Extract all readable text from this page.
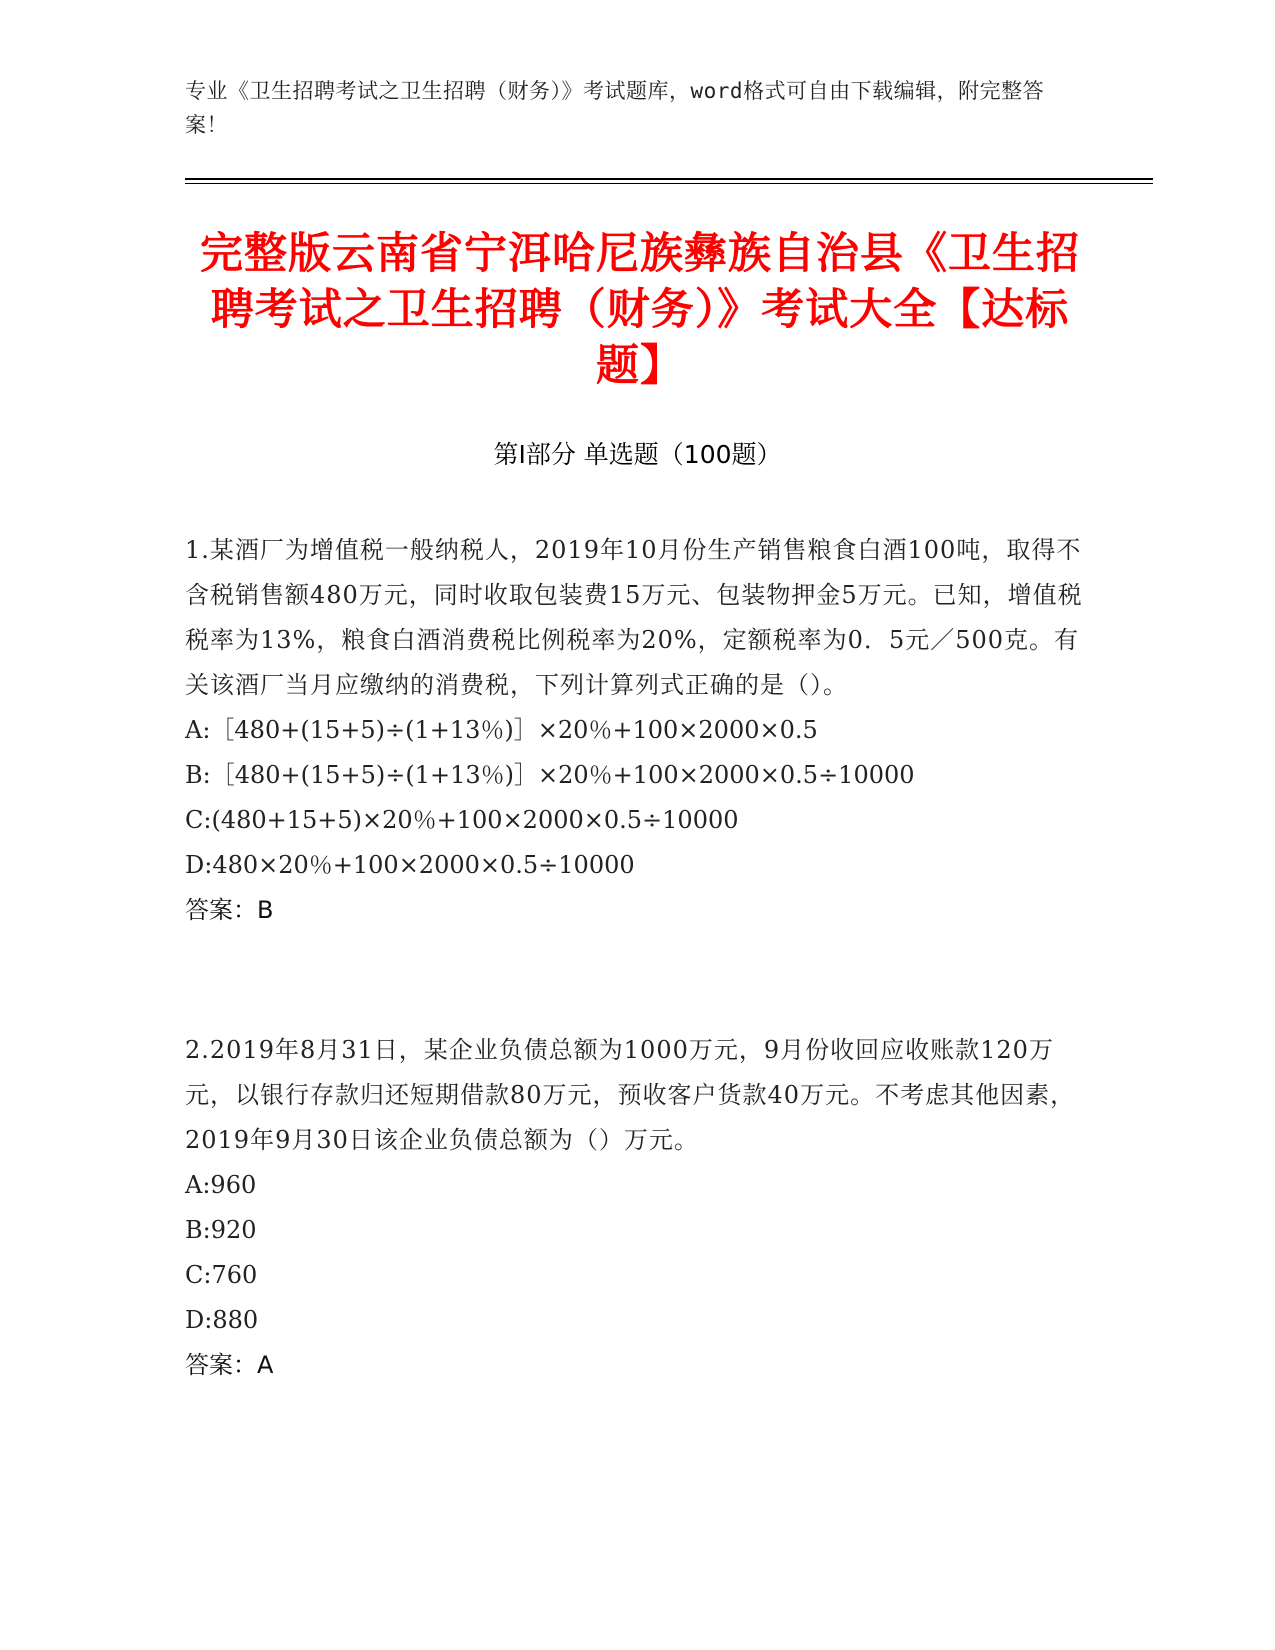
专业《卫生招聘考试之卫生招聘（财务）》考试题库，word格式可自由下载编辑，附完整答案！
完整版云南省宁洱哈尼族彝族自治县《卫生招聘考试之卫生招聘（财务）》考试大全【达标题】
第I部分 单选题（100题）

1.某酒厂为增值税一般纳税人，2019年10月份生产销售粮食白酒100吨，取得不含税销售额480万元，同时收取包装费15万元、包装物押金5万元。已知，增值税税率为13%，粮食白酒消费税比例税率为20%，定额税率为0．5元／500克。有关该酒厂当月应缴纳的消费税，下列计算列式正确的是（）。

A:［480+(15+5)÷(1+13％)］×20％+100×2000×0.5

B:［480+(15+5)÷(1+13％)］×20％+100×2000×0.5÷10000

C:(480+15+5)×20％+100×2000×0.5÷10000

D:480×20％+100×2000×0.5÷10000

答案：B

2.2019年8月31日，某企业负债总额为1000万元，9月份收回应收账款120万元，以银行存款归还短期借款80万元，预收客户货款40万元。不考虑其他因素，2019年9月30日该企业负债总额为（）万元。

A:960

B:920

C:760

D:880

答案：A
